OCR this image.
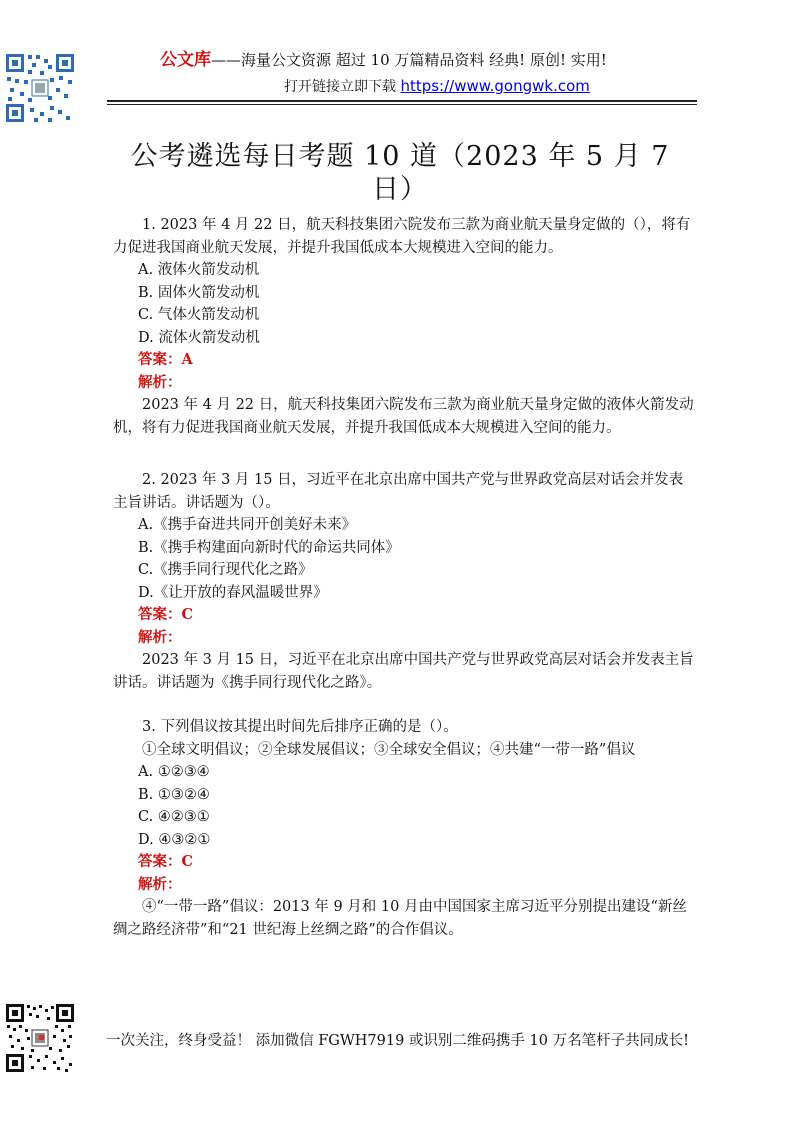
公文库——海量公文资源 超过 10 万篇精品资料 经典! 原创! 实用!
打开链接立即下载 https://www.gongwk.com
公考遴选每日考题 10 道（2023 年 5 月 7 日）

1. 2023 年 4 月 22 日，航天科技集团六院发布三款为商业航天量身定做的（），将有力促进我国商业航天发展，并提升我国低成本大规模进入空间的能力。

A. 液体火箭发动机

B. 固体火箭发动机

C. 气体火箭发动机

D. 流体火箭发动机

答案：A

解析：

2023 年 4 月 22 日，航天科技集团六院发布三款为商业航天量身定做的液体火箭发动机，将有力促进我国商业航天发展，并提升我国低成本大规模进入空间的能力。

2. 2023 年 3 月 15 日，习近平在北京出席中国共产党与世界政党高层对话会并发表主旨讲话。讲话题为（）。

A.《携手奋进共同开创美好未来》

B.《携手构建面向新时代的命运共同体》

C.《携手同行现代化之路》

D.《让开放的春风温暖世界》

答案：C

解析：

2023 年 3 月 15 日，习近平在北京出席中国共产党与世界政党高层对话会并发表主旨讲话。讲话题为《携手同行现代化之路》。

3. 下列倡议按其提出时间先后排序正确的是（）。

①全球文明倡议；②全球发展倡议；③全球安全倡议；④共建“一带一路”倡议

A. ①②③④

B. ①③②④

C. ④②③①

D. ④③②①

答案：C

解析：

④“一带一路”倡议：2013 年 9 月和 10 月由中国国家主席习近平分别提出建设“新丝绸之路经济带”和“21 世纪海上丝绸之路”的合作倡议。

一次关注，终身受益！ 添加微信 FGWH7919 或识别二维码携手 10 万名笔杆子共同成长!
